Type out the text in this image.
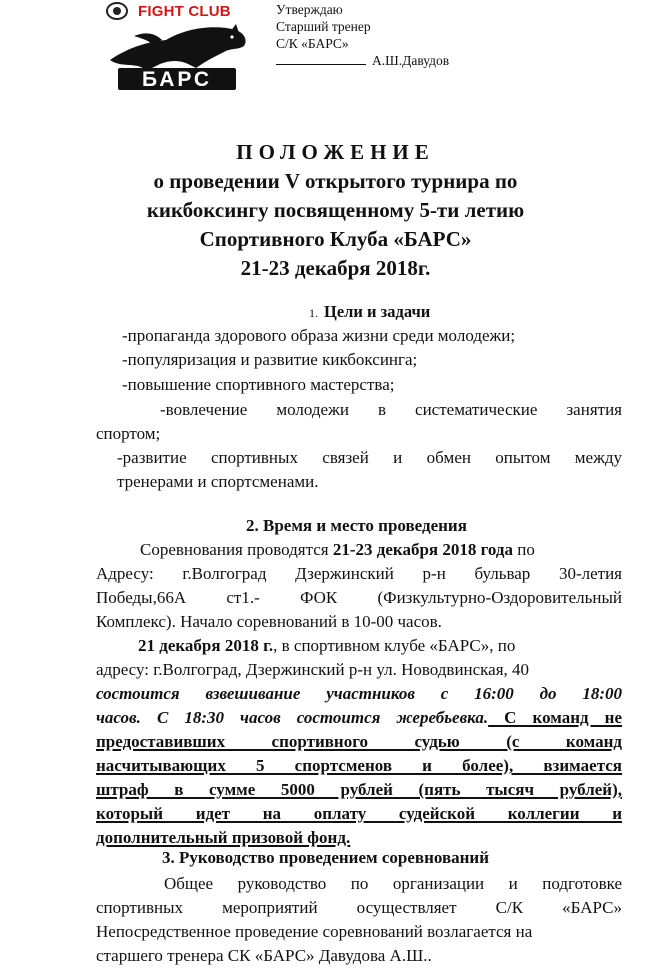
FIGHT CLUB
БАРС
Утверждаю
Старший тренер
С/К «БАРС»
А.Ш.Давудов
ПОЛОЖЕНИЕ
о проведении V открытого турнира по
кикбоксингу посвященному 5-ти летию
Спортивного Клуба «БАРС»
21-23 декабря 2018г.
1. Цели и задачи
-пропаганда здорового образа жизни среди молодежи;
-популяризация и развитие кикбоксинга;
-повышение спортивного мастерства;
-вовлечение молодежи в систематические занятия
спортом;
-развитие спортивных связей и обмен опытом между
тренерами и спортсменами.
2. Время и место проведения
Соревнования проводятся 21-23 декабря 2018 года по
Адресу: г.Волгоград Дзержинский р-н бульвар 30-летия
Победы,66А ст1.- ФОК (Физкультурно-Оздоровительный
Комплекс). Начало соревнований в 10-00 часов.
21 декабря 2018 г., в спортивном клубе «БАРС», по
адресу: г.Волгоград, Дзержинский р-н ул. Новодвинская, 40
состоится взвешивание участников с 16:00 до 18:00
часов. С 18:30 часов состоится жеребьевка. С команд не
предоставивших спортивного судью (с команд
насчитывающих 5 спортсменов и более), взимается
штраф в сумме 5000 рублей (пять тысяч рублей),
который идет на оплату судейской коллегии и
дополнительный призовой фонд.
3. Руководство проведением соревнований
Общее руководство по организации и подготовке
спортивных мероприятий осуществляет С/К «БАРС»
Непосредственное проведение соревнований возлагается на
старшего тренера СК «БАРС» Давудова А.Ш..
